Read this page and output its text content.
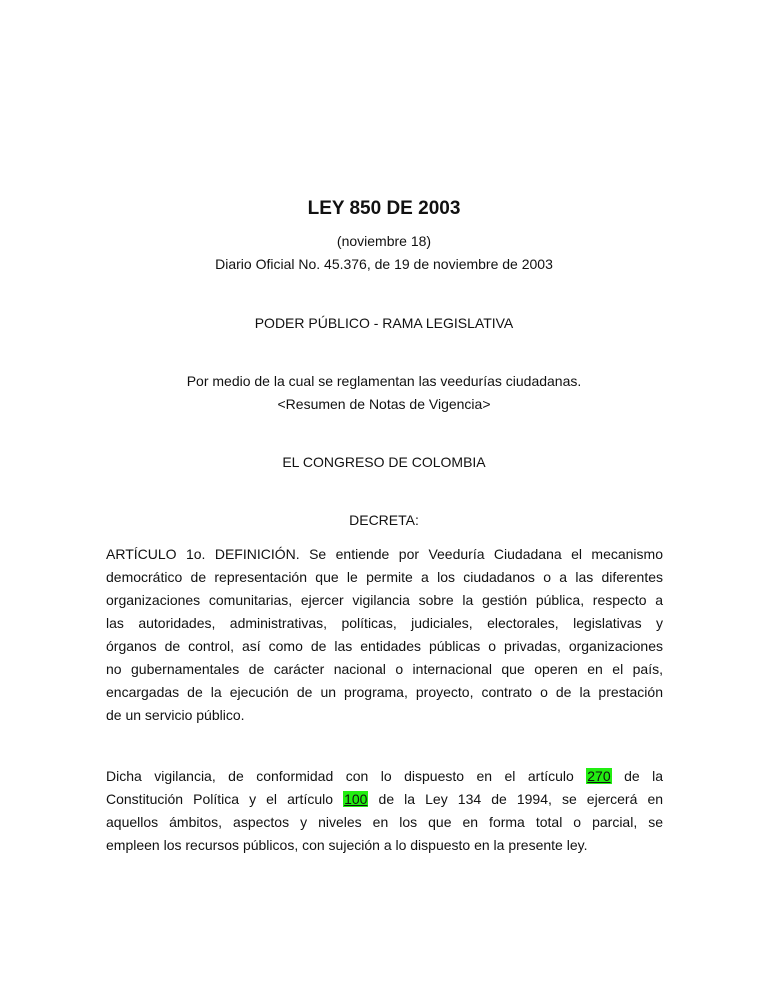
LEY 850 DE 2003
(noviembre 18)
Diario Oficial No. 45.376, de 19 de noviembre de 2003
PODER PÚBLICO - RAMA LEGISLATIVA
Por medio de la cual se reglamentan las veedurías ciudadanas.
<Resumen de Notas de Vigencia>
EL CONGRESO DE COLOMBIA
DECRETA:
ARTÍCULO 1o. DEFINICIÓN. Se entiende por Veeduría Ciudadana el mecanismo
democrático de representación que le permite a los ciudadanos o a las diferentes
organizaciones comunitarias, ejercer vigilancia sobre la gestión pública, respecto a
las autoridades, administrativas, políticas, judiciales, electorales, legislativas y
órganos de control, así como de las entidades públicas o privadas, organizaciones
no gubernamentales de carácter nacional o internacional que operen en el país,
encargadas de la ejecución de un programa, proyecto, contrato o de la prestación
de un servicio público.
Dicha vigilancia, de conformidad con lo dispuesto en el artículo 270 de la
Constitución Política y el artículo 100 de la Ley 134 de 1994, se ejercerá en
aquellos ámbitos, aspectos y niveles en los que en forma total o parcial, se
empleen los recursos públicos, con sujeción a lo dispuesto en la presente ley.
